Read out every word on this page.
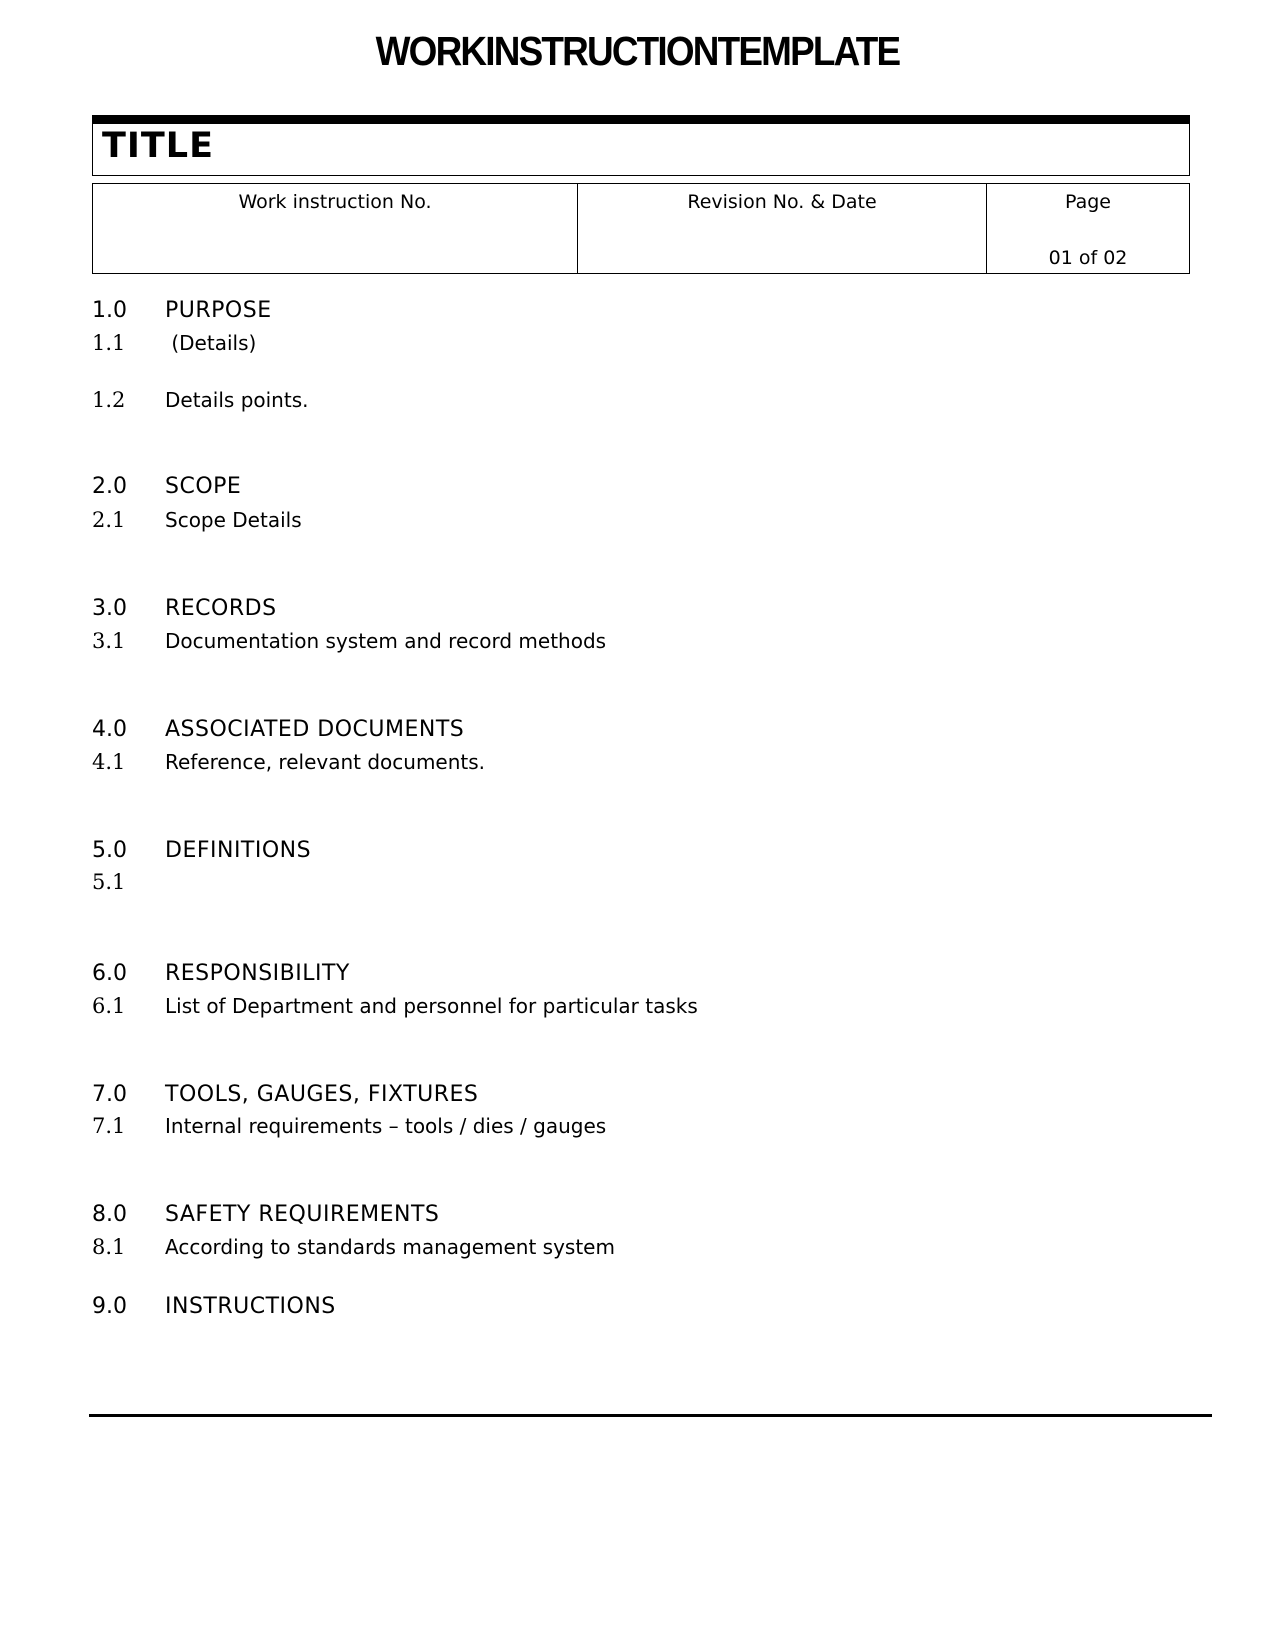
WORKINSTRUCTIONTEMPLATE
TITLE
Work instruction No.	Revision No. & Date	Page
01 of 02
1.0 PURPOSE
1.1 (Details)
1.2 Details points.
2.0 SCOPE
2.1 Scope Details
3.0 RECORDS
3.1 Documentation system and record methods
4.0 ASSOCIATED DOCUMENTS
4.1 Reference, relevant documents.
5.0 DEFINITIONS
5.1
6.0 RESPONSIBILITY
6.1 List of Department and personnel for particular tasks
7.0 TOOLS, GAUGES, FIXTURES
7.1 Internal requirements – tools / dies / gauges
8.0 SAFETY REQUIREMENTS
8.1 According to standards management system
9.0 INSTRUCTIONS
